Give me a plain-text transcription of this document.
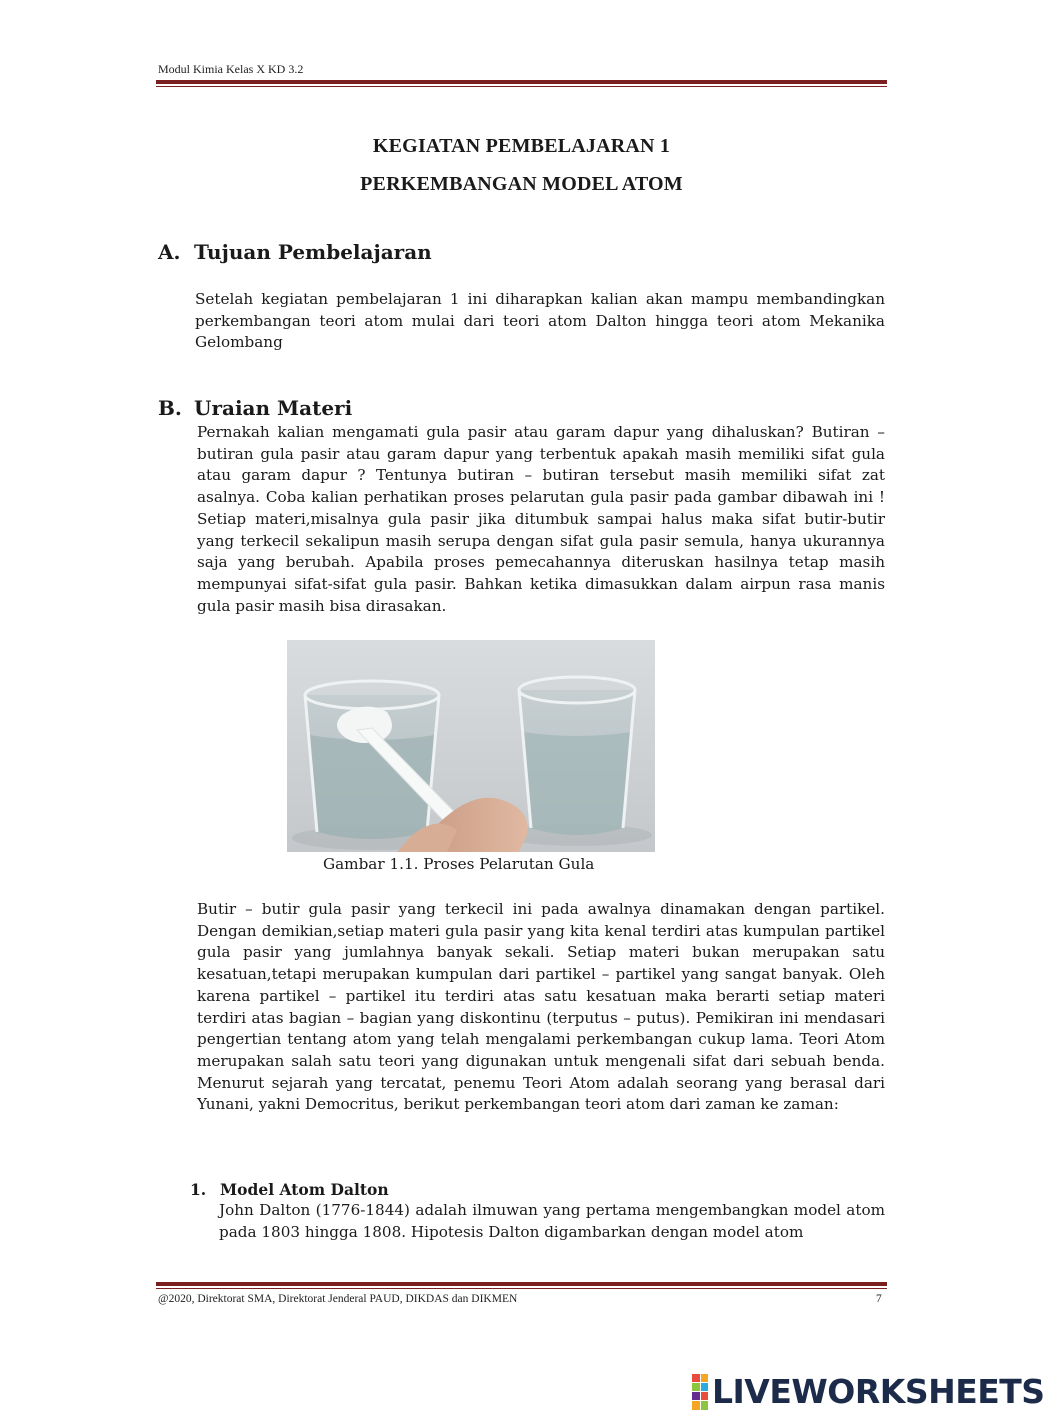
Modul Kimia Kelas X KD 3.2
KEGIATAN PEMBELAJARAN 1
PERKEMBANGAN MODEL ATOM
A. Tujuan Pembelajaran
Setelah kegiatan pembelajaran 1 ini diharapkan kalian akan mampu membandingkan perkembangan teori atom mulai dari teori atom Dalton hingga teori atom Mekanika Gelombang
B. Uraian Materi
Pernakah kalian mengamati gula pasir atau garam dapur yang dihaluskan? Butiran – butiran gula pasir atau garam dapur yang terbentuk apakah masih memiliki sifat gula atau garam dapur ? Tentunya butiran – butiran tersebut masih memiliki sifat zat asalnya. Coba kalian perhatikan proses pelarutan gula pasir pada gambar dibawah ini ! Setiap materi,misalnya gula pasir jika ditumbuk sampai halus maka sifat butir-butir yang terkecil sekalipun masih serupa dengan sifat gula pasir semula, hanya ukurannya saja yang berubah. Apabila proses pemecahannya diteruskan hasilnya tetap masih mempunyai sifat-sifat gula pasir. Bahkan ketika dimasukkan dalam airpun rasa manis gula pasir masih bisa dirasakan.
Gambar 1.1. Proses Pelarutan Gula
Butir – butir gula pasir yang terkecil ini pada awalnya dinamakan dengan partikel. Dengan demikian,setiap materi gula pasir yang kita kenal terdiri atas kumpulan partikel gula pasir yang jumlahnya banyak sekali. Setiap materi bukan merupakan satu kesatuan,tetapi merupakan kumpulan dari partikel – partikel yang sangat banyak. Oleh karena partikel – partikel itu terdiri atas satu kesatuan maka berarti setiap materi terdiri atas bagian – bagian yang diskontinu (terputus – putus). Pemikiran ini mendasari pengertian tentang atom yang telah mengalami perkembangan cukup lama. Teori Atom merupakan salah satu teori yang digunakan untuk mengenali sifat dari sebuah benda. Menurut sejarah yang tercatat, penemu Teori Atom adalah seorang yang berasal dari Yunani, yakni Democritus, berikut perkembangan teori atom dari zaman ke zaman:
1. Model Atom Dalton
John Dalton (1776-1844) adalah ilmuwan yang pertama mengembangkan model atom pada 1803 hingga 1808. Hipotesis Dalton digambarkan dengan model atom
@2020, Direktorat SMA, Direktorat Jenderal PAUD, DIKDAS dan DIKMEN	7
LIVEWORKSHEETS
